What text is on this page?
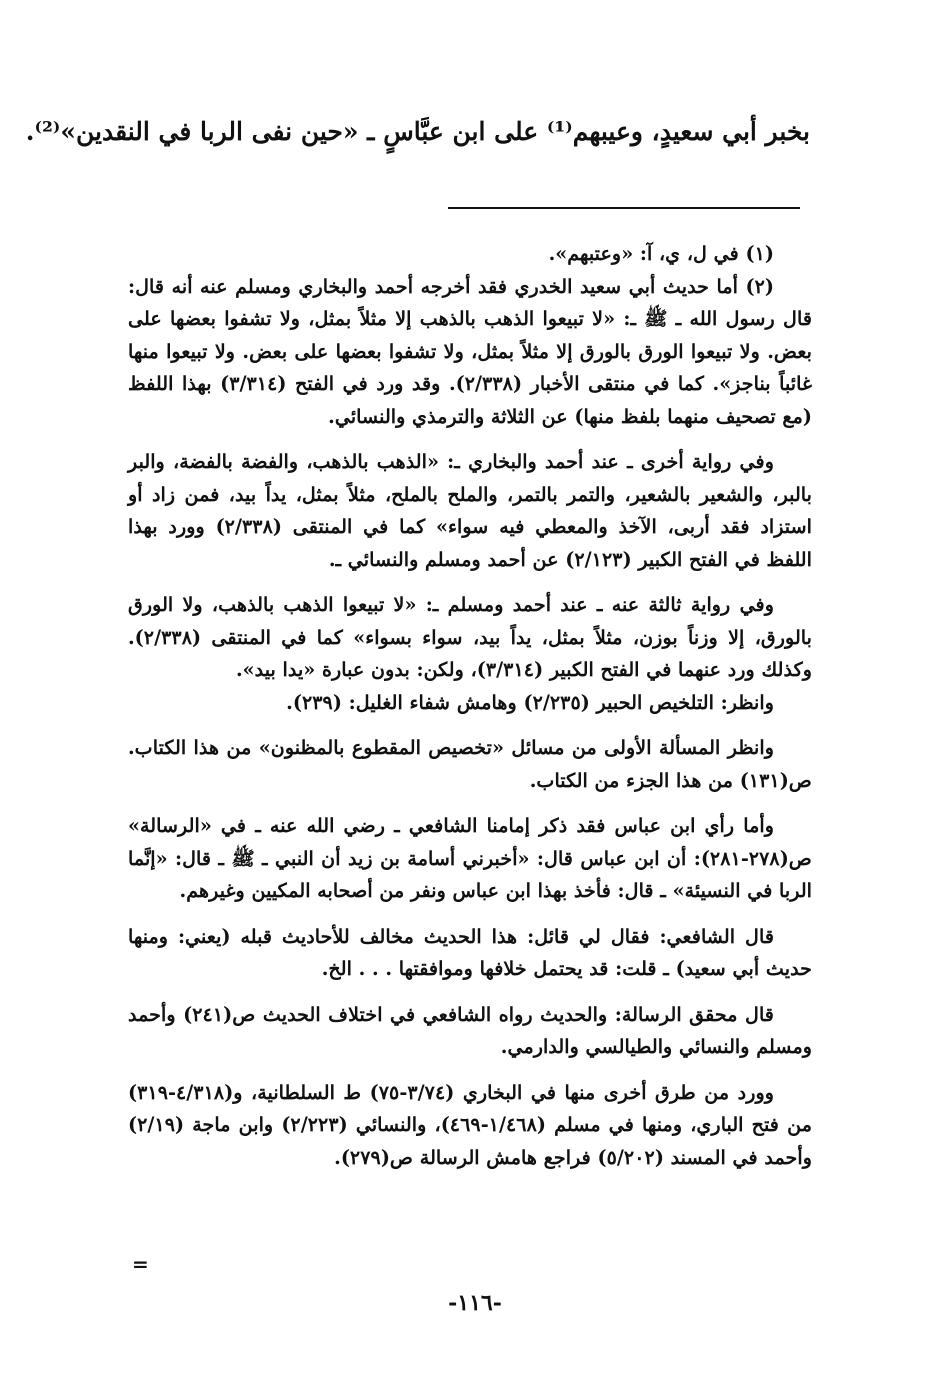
بخبر أبي سعيدٍ، وعيبهم⁽¹⁾ على ابن عبَّاسٍ ـ «حين نفى الربا في النقدين»⁽²⁾.

(١) في ل، ي، آ: «وعتبهم».

(٢) أما حديث أبي سعيد الخدري فقد أخرجه أحمد والبخاري ومسلم عنه أنه قال: قال رسول الله ـ ﷺ ـ: «لا تبيعوا الذهب بالذهب إلا مثلاً بمثل، ولا تشفوا بعضها على بعض. ولا تبيعوا الورق بالورق إلا مثلاً بمثل، ولا تشفوا بعضها على بعض. ولا تبيعوا منها غائباً بناجز». كما في منتقى الأخبار (٢/٣٣٨). وقد ورد في الفتح (٣/٣١٤) بهذا اللفظ (مع تصحيف منهما بلفظ منها) عن الثلاثة والترمذي والنسائي.

وفي رواية أخرى ـ عند أحمد والبخاري ـ: «الذهب بالذهب، والفضة بالفضة، والبر بالبر، والشعير بالشعير، والتمر بالتمر، والملح بالملح، مثلاً بمثل، يداً بيد، فمن زاد أو استزاد فقد أربى، الآخذ والمعطي فيه سواء» كما في المنتقى (٢/٣٣٨) وورد بهذا اللفظ في الفتح الكبير (٢/١٢٣) عن أحمد ومسلم والنسائي ـ.

وفي رواية ثالثة عنه ـ عند أحمد ومسلم ـ: «لا تبيعوا الذهب بالذهب، ولا الورق بالورق، إلا وزناً بوزن، مثلاً بمثل، يداً بيد، سواء بسواء» كما في المنتقى (٢/٣٣٨). وكذلك ورد عنهما في الفتح الكبير (٣/٣١٤)، ولكن: بدون عبارة «يدا بيد».

وانظر: التلخيص الحبير (٢/٢٣٥) وهامش شفاء الغليل: (٢٣٩).

وانظر المسألة الأولى من مسائل «تخصيص المقطوع بالمظنون» من هذا الكتاب. ص(١٣١) من هذا الجزء من الكتاب.

وأما رأي ابن عباس فقد ذكر إمامنا الشافعي ـ رضي الله عنه ـ في «الرسالة» ص(٢٧٨-٢٨١): أن ابن عباس قال: «أخبرني أسامة بن زيد أن النبي ـ ﷺ ـ قال: «إنَّما الربا في النسيئة» ـ قال: فأخذ بهذا ابن عباس ونفر من أصحابه المكيين وغيرهم.

قال الشافعي: فقال لي قائل: هذا الحديث مخالف للأحاديث قبله (يعني: ومنها حديث أبي سعيد) ـ قلت: قد يحتمل خلافها وموافقتها . . . الخ.

قال محقق الرسالة: والحديث رواه الشافعي في اختلاف الحديث ص(٢٤١) وأحمد ومسلم والنسائي والطيالسي والدارمي.

وورد من طرق أخرى منها في البخاري (٣/٧٤-٧٥) ط السلطانية، و(٤/٣١٨-٣١٩) من فتح الباري، ومنها في مسلم (١/٤٦٨-٤٦٩)، والنسائي (٢/٢٢٣) وابن ماجة (٢/١٩) وأحمد في المسند (٥/٢٠٢) فراجع هامش الرسالة ص(٢٧٩).

=
-١١٦-
